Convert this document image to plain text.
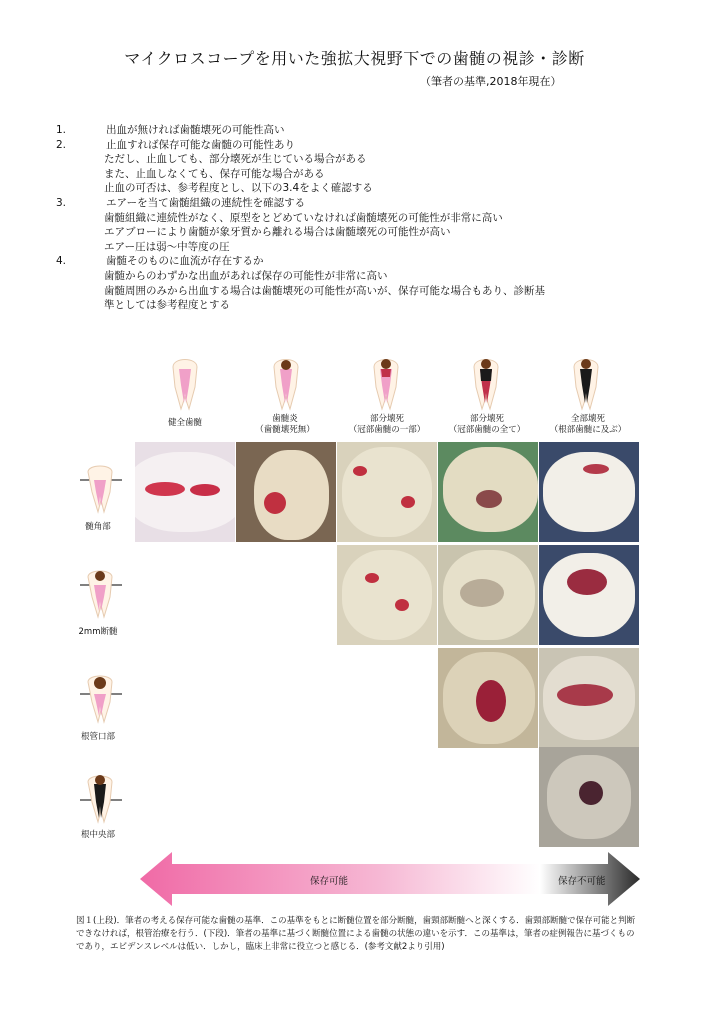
マイクロスコープを用いた強拡大視野下での歯髄の視診・診断
（筆者の基準,2018年現在）
1.	出血が無ければ歯髄壊死の可能性高い
2.	止血すれば保存可能な歯髄の可能性あり
ただし、止血しても、部分壊死が生じている場合がある
また、止血しなくても、保存可能な場合がある
止血の可否は、参考程度とし、以下の3.4をよく確認する
3.	エアーを当て歯髄組織の連続性を確認する
歯髄組織に連続性がなく、原型をとどめていなければ歯髄壊死の可能性が非常に高い
エアブローにより歯髄が象牙質から離れる場合は歯髄壊死の可能性が高い
エアー圧は弱〜中等度の圧
4.	歯髄そのものに血流が存在するか
歯髄からのわずかな出血があれば保存の可能性が非常に高い
歯髄周囲のみから出血する場合は歯髄壊死の可能性が高いが、保存可能な場合もあり、診断基
準としては参考程度とする
健全歯髄	歯髄炎
（歯髄壊死無）
部分壊死
（冠部歯髄の一部）
部分壊死
（冠部歯髄の全て）
全部壊死
（根部歯髄に及ぶ）
髄角部
2mm断髄
根管口部
根中央部
保存可能	保存不可能
図１(上段)．筆者の考える保存可能な歯髄の基準．この基準をもとに断髄位置を部分断髄，歯頸部断髄へと深くする．歯頸部断髄で保存可能と判断できなければ，根管治療を行う．(下段)．筆者の基準に基づく断髄位置による歯髄の状態の違いを示す．この基準は，筆者の症例報告に基づくものであり，エビデンスレベルは低い．しかし，臨床上非常に役立つと感じる．(参考文献2より引用)
